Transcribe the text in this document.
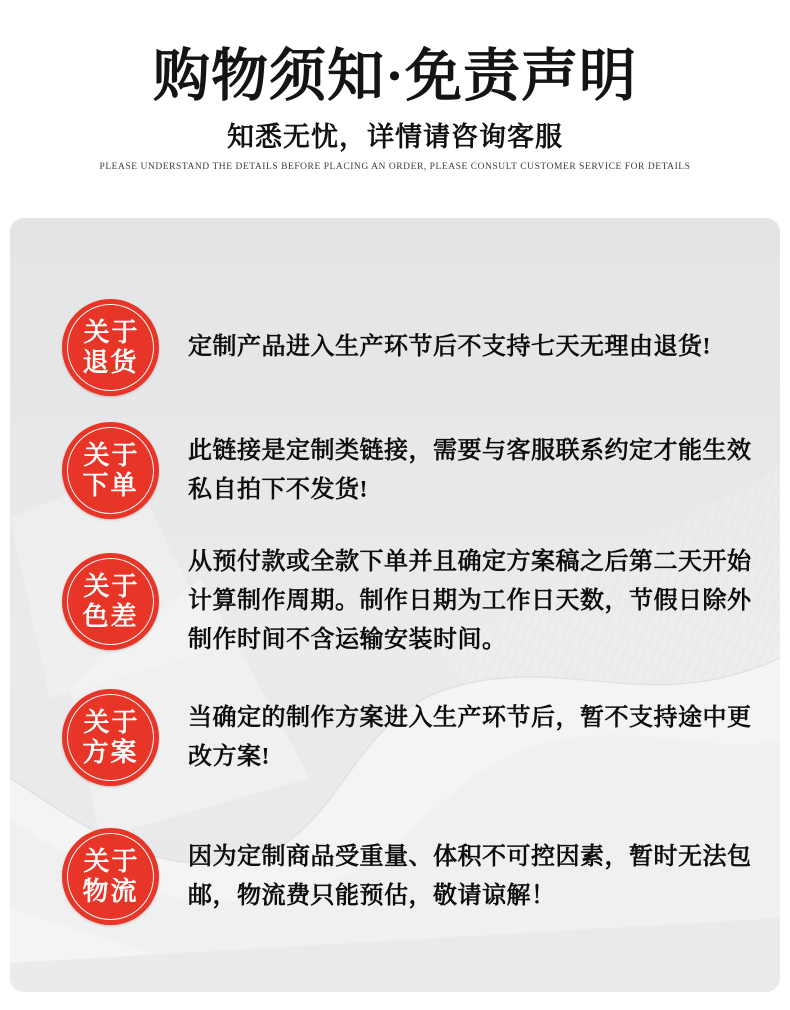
购物须知·免责声明
知悉无忧，详情请咨询客服
PLEASE UNDERSTAND THE DETAILS BEFORE PLACING AN ORDER, PLEASE CONSULT CUSTOMER SERVICE FOR DETAILS
关于
退货
定制产品进入生产环节后不支持七天无理由退货!
关于
下单
此链接是定制类链接，需要与客服联系约定才能生效
私自拍下不发货!
关于
色差
从预付款或全款下单并且确定方案稿之后第二天开始
计算制作周期。制作日期为工作日天数，节假日除外
制作时间不含运输安装时间。
关于
方案
当确定的制作方案进入生产环节后，暂不支持途中更
改方案!
关于
物流
因为定制商品受重量、体积不可控因素，暂时无法包
邮，物流费只能预估，敬请谅解！
